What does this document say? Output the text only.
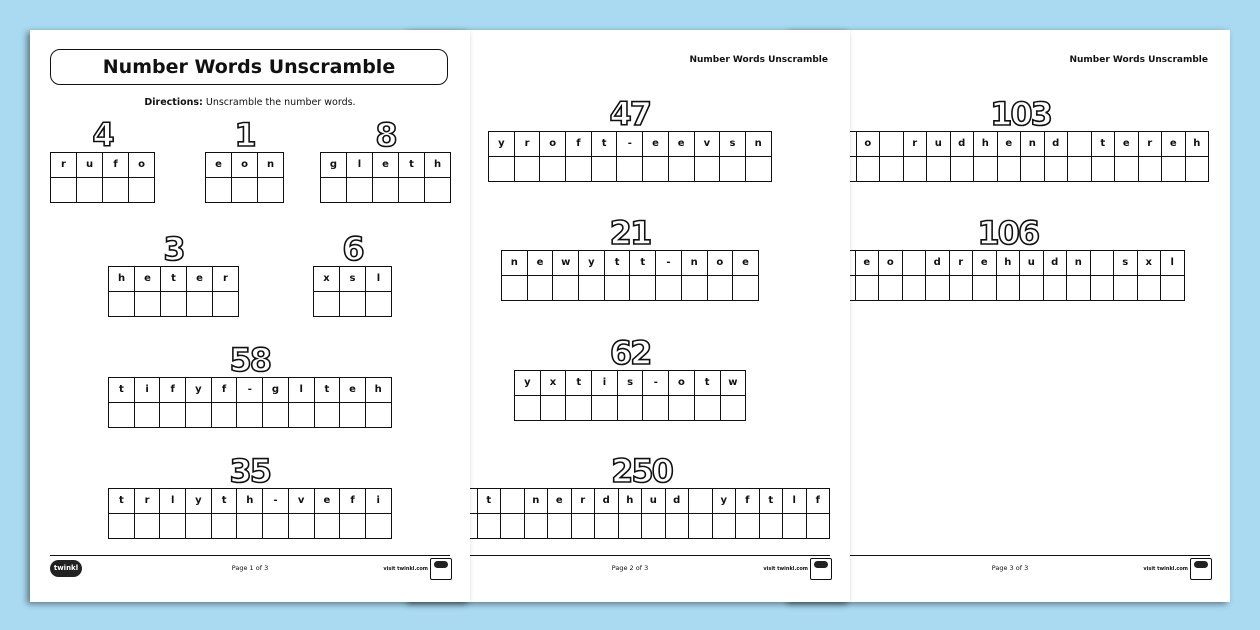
Number Words Unscramble
Directions: Unscramble the number words.
4
r	u	f	o
1
e	o	n
8
g	l	e	t	h
3
h	e	t	e	r
6
x	s	l
58
t	i	f	y	f	-	g	l	t	e	h
35
t	r	l	y	t	h	-	v	e	f	i
twinkl	Page 1 of 3	visit twinkl.com
Number Words Unscramble
47
y	r	o	f	t	-	e	e	v	s	n
21
n	e	w	y	t	t	-	n	o	e
62
y	x	t	i	s	-	o	t	w
250
t	n	e	r	d	h	u	d	y	f	t	l	f
Page 2 of 3	visit twinkl.com
Number Words Unscramble
103
o	r	u	d	h	e	n	d	t	e	r	e	h
106
e	o	d	r	e	h	u	d	n	s	x	l
Page 3 of 3	visit twinkl.com
